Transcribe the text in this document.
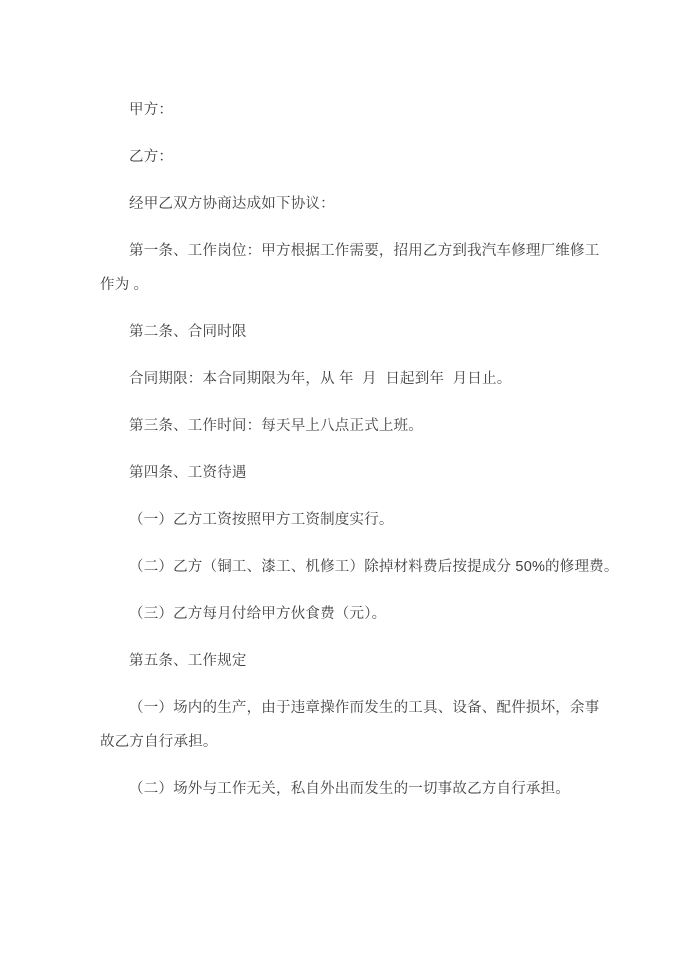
甲方：

乙方：

经甲乙双方协商达成如下协议：

第一条、工作岗位：甲方根据工作需要，招用乙方到我汽车修理厂维修工
作为 。

第二条、合同时限

合同期限：本合同期限为年，从 年  月  日起到年  月日止。

第三条、工作时间：每天早上八点正式上班。

第四条、工资待遇

（一）乙方工资按照甲方工资制度实行。

（二）乙方（铜工、漆工、机修工）除掉材料费后按提成分 50%的修理费。

（三）乙方每月付给甲方伙食费（元）。

第五条、工作规定

（一）场内的生产，由于违章操作而发生的工具、设备、配件损坏，余事
故乙方自行承担。

（二）场外与工作无关，私自外出而发生的一切事故乙方自行承担。
